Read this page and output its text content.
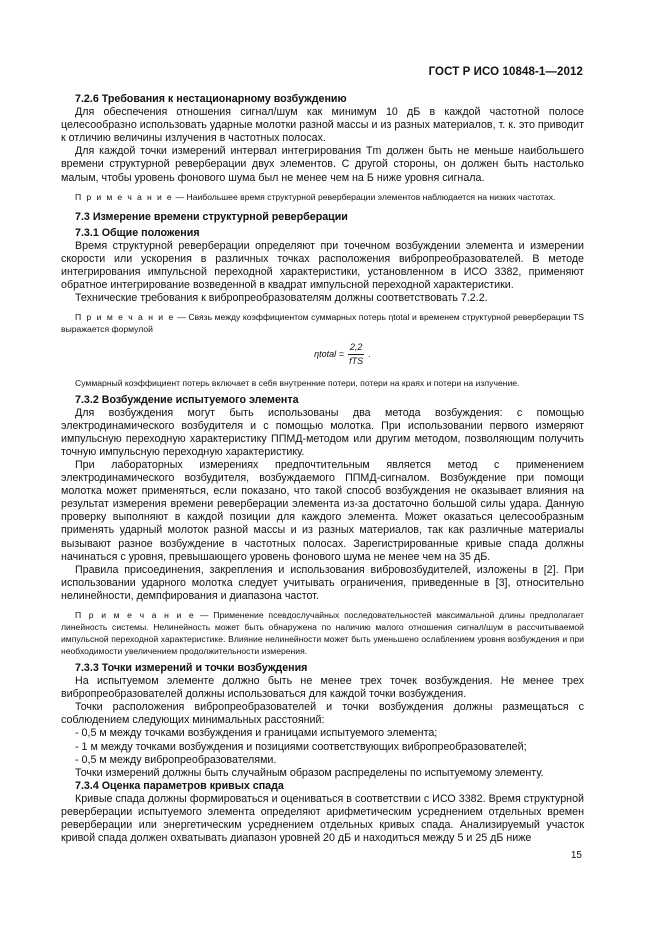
ГОСТ Р ИСО 10848-1—2012

7.2.6 Требования к нестационарному возбуждению

Для обеспечения отношения сигнал/шум как минимум 10 дБ в каждой частотной полосе целесообразно использовать ударные молотки разной массы и из разных материалов, т. к. это приводит к отличию величины излучения в частотных полосах.

Для каждой точки измерений интервал интегрирования Tm должен быть не меньше наибольшего времени структурной реверберации двух элементов. С другой стороны, он должен быть настолько малым, чтобы уровень фонового шума был не менее чем на Б ниже уровня сигнала.

П р и м е ч а н и е — Наибольшее время структурной реверберации элементов наблюдается на низких частотах.

7.3 Измерение времени структурной реверберации

7.3.1 Общие положения

Время структурной реверберации определяют при точечном возбуждении элемента и измерении скорости или ускорения в различных точках расположения вибропреобразователей. В методе интегрирования импульсной переходной характеристики, установленном в ИСО 3382, применяют обратное интегрирование возведенной в квадрат импульсной переходной характеристики.

Технические требования к вибропреобразователям должны соответствовать 7.2.2.

П р и м е ч а н и е — Связь между коэффициентом суммарных потерь ηtotal и временем структурной реверберации TS выражается формулой

ηtotal = $\frac{2,2}{\text{fTS}}$ .

Суммарный коэффициент потерь включает в себя внутренние потери, потери на краях и потери на излучение.

7.3.2 Возбуждение испытуемого элемента

Для возбуждения могут быть использованы два метода возбуждения: с помощью электродинамического возбудителя и с помощью молотка. При использовании первого измеряют импульсную переходную характеристику ППМД-методом или другим методом, позволяющим получить точную импульсную переходную характеристику.

При лабораторных измерениях предпочтительным является метод с применением электродинамического возбудителя, возбуждаемого ППМД-сигналом. Возбуждение при помощи молотка может применяться, если показано, что такой способ возбуждения не оказывает влияния на результат измерения времени реверберации элемента из-за достаточно большой силы удара. Данную проверку выполняют в каждой позиции для каждого элемента. Может оказаться целесообразным применять ударный молоток разной массы и из разных материалов, так как различные материалы вызывают разное возбуждение в частотных полосах. Зарегистрированные кривые спада должны начинаться с уровня, превышающего уровень фонового шума не менее чем на 35 дБ.

Правила присоединения, закрепления и использования вибровозбудителей, изложены в [2]. При использовании ударного молотка следует учитывать ограничения, приведенные в [3], относительно нелинейности, демпфирования и диапазона частот.

П р и м е ч а н и е — Применение псевдослучайных последовательностей максимальной длины предполагает линейность системы. Нелинейность может быть обнаружена по наличию малого отношения сигнал/шум в рассчитываемой импульсной переходной характеристике. Влияние нелинейности может быть уменьшено ослаблением уровня возбуждения и при необходимости увеличением продолжительности измерения.

7.3.3 Точки измерений и точки возбуждения

На испытуемом элементе должно быть не менее трех точек возбуждения. Не менее трех вибропреобразователей должны использоваться для каждой точки возбуждения.

Точки расположения вибропреобразователей и точки возбуждения должны размещаться с соблюдением следующих минимальных расстояний:

- 0,5 м между точками возбуждения и границами испытуемого элемента;

- 1 м между точками возбуждения и позициями соответствующих вибропреобразователей;

- 0,5 м между вибропреобразователями.

Точки измерений должны быть случайным образом распределены по испытуемому элементу.

7.3.4 Оценка параметров кривых спада

Кривые спада должны формироваться и оцениваться в соответствии с ИСО 3382. Время структурной реверберации испытуемого элемента определяют арифметическим усреднением отдельных времен реверберации или энергетическим усреднением отдельных кривых спада. Анализируемый участок кривой спада должен охватывать диапазон уровней 20 дБ и находиться между 5 и 25 дБ ниже

15
